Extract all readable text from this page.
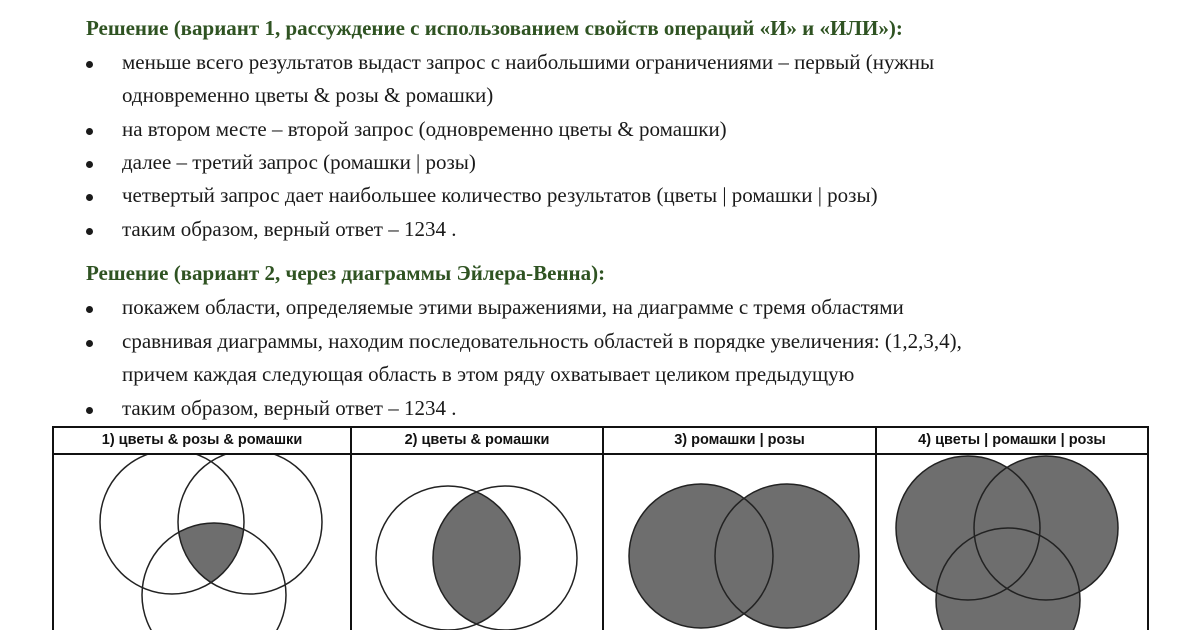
Решение (вариант 1, рассуждение с использованием свойств операций «И» и «ИЛИ»):
меньше всего результатов выдаст запрос с наибольшими ограничениями – первый (нужны
одновременно цветы & розы & ромашки)
на втором месте – второй запрос (одновременно цветы & ромашки)
далее – третий запрос (ромашки | розы)
четвертый запрос дает наибольшее количество результатов (цветы | ромашки | розы)
таким образом, верный ответ – 1234 .
Решение (вариант 2, через диаграммы Эйлера-Венна):
покажем области, определяемые этими выражениями, на диаграмме с тремя областями
сравнивая диаграммы, находим последовательность областей в порядке увеличения: (1,2,3,4),
причем каждая следующая область в этом ряду охватывает целиком предыдущую
таким образом, верный ответ – 1234 .
1) цветы & розы & ромашки	2) цветы & ромашки	3) ромашки | розы	4) цветы | ромашки | розы
